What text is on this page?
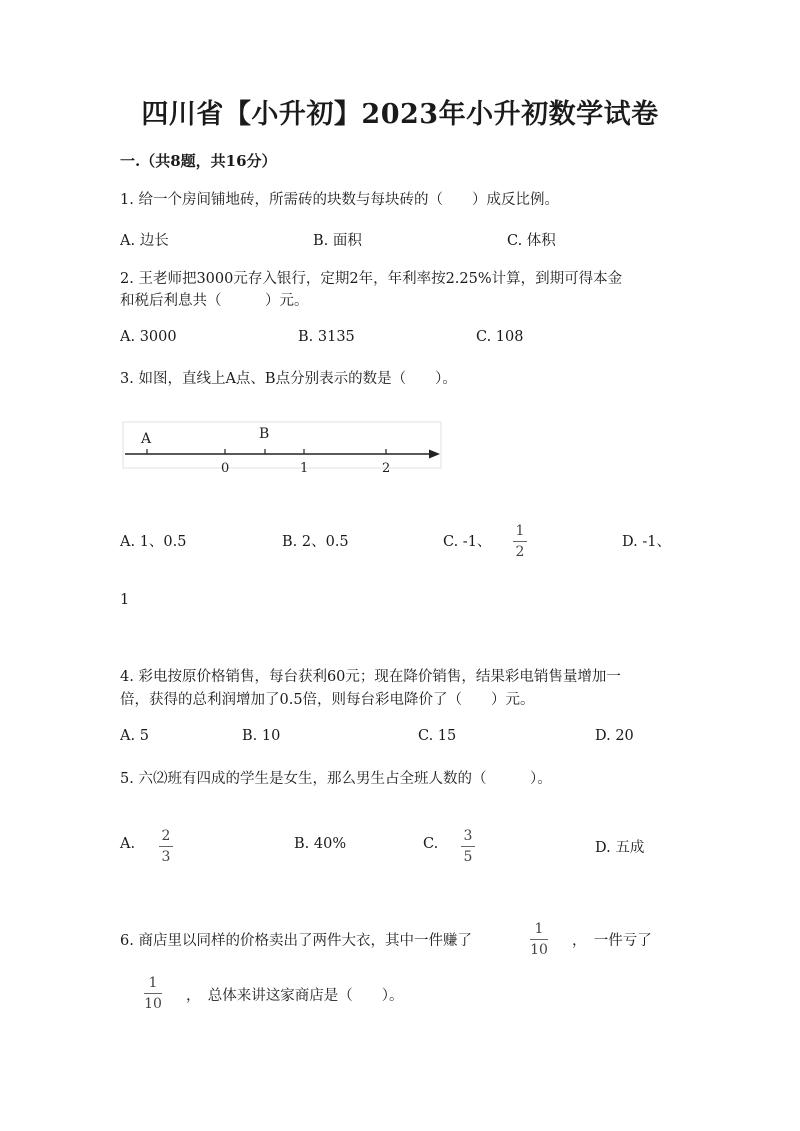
四川省【小升初】2023年小升初数学试卷
一.（共8题，共16分）
1. 给一个房间铺地砖，所需砖的块数与每块砖的（　　）成反比例。
A. 边长	B. 面积	C. 体积
2. 王老师把3000元存入银行，定期2年，年利率按2.25%计算，到期可得本金
和税后利息共（　　　）元。
A. 3000	B. 3135	C. 108
3. 如图，直线上A点、B点分别表示的数是（　　）。
A	B
0	1	2
A. 1、0.5	B. 2、0.5	C. -1、
1
2
D. -1、
1
4. 彩电按原价格销售，每台获利60元；现在降价销售，结果彩电销售量增加一
倍，获得的总利润增加了0.5倍，则每台彩电降价了（　　）元。
A. 5	B. 10	C. 15	D. 20
5. 六⑵班有四成的学生是女生，那么男生占全班人数的（　　　）。
A. 2
3
B. 40%	C. 3
5
D. 五成
6. 商店里以同样的价格卖出了两件大衣，其中一件赚了
1
10
，　一件亏了
1
10 ，　总体来讲这家商店是（　　）。
